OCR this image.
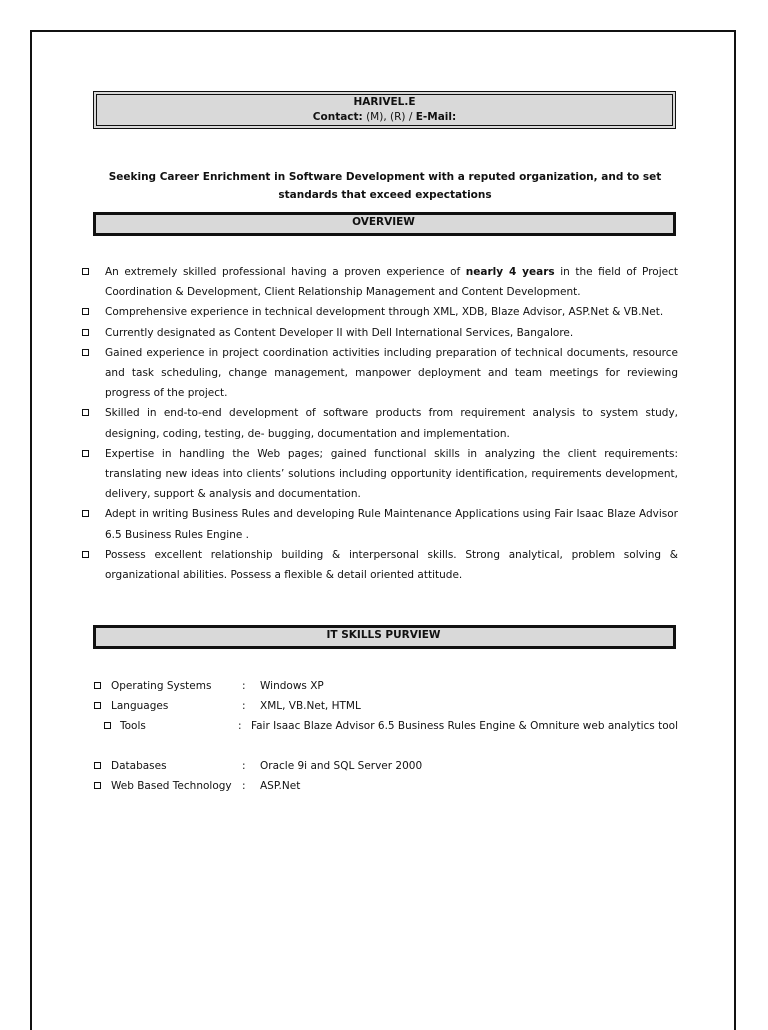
HARIVEL.E
Contact: (M), (R) / E-Mail:
Seeking Career Enrichment in Software Development with a reputed organization, and to set standards that exceed expectations
OVERVIEW
An extremely skilled professional having a proven experience of nearly 4 years in the field of Project Coordination & Development, Client Relationship Management and Content Development.
Comprehensive experience in technical development through XML, XDB, Blaze Advisor, ASP.Net & VB.Net.
Currently designated as Content Developer II with Dell International Services, Bangalore.
Gained experience in project coordination activities including preparation of technical documents, resource and task scheduling, change management, manpower deployment and team meetings for reviewing progress of the project.
Skilled in end-to-end development of software products from requirement analysis to system study, designing, coding, testing, de- bugging, documentation and implementation.
Expertise in handling the Web pages; gained functional skills in analyzing the client requirements: translating new ideas into clients’ solutions including opportunity identification, requirements development, delivery, support & analysis and documentation.
Adept in writing Business Rules and developing Rule Maintenance Applications using Fair Isaac Blaze Advisor 6.5 Business Rules Engine .
Possess excellent relationship building & interpersonal skills. Strong analytical, problem solving & organizational abilities. Possess a flexible & detail oriented attitude.
IT SKILLS PURVIEW
Operating Systems	: Windows XP
Languages	: XML, VB.Net, HTML
Tools	: Fair Isaac Blaze Advisor 6.5 Business Rules Engine & Omniture web analytics tool
Databases	: Oracle 9i and SQL Server 2000
Web Based Technology : ASP.Net
